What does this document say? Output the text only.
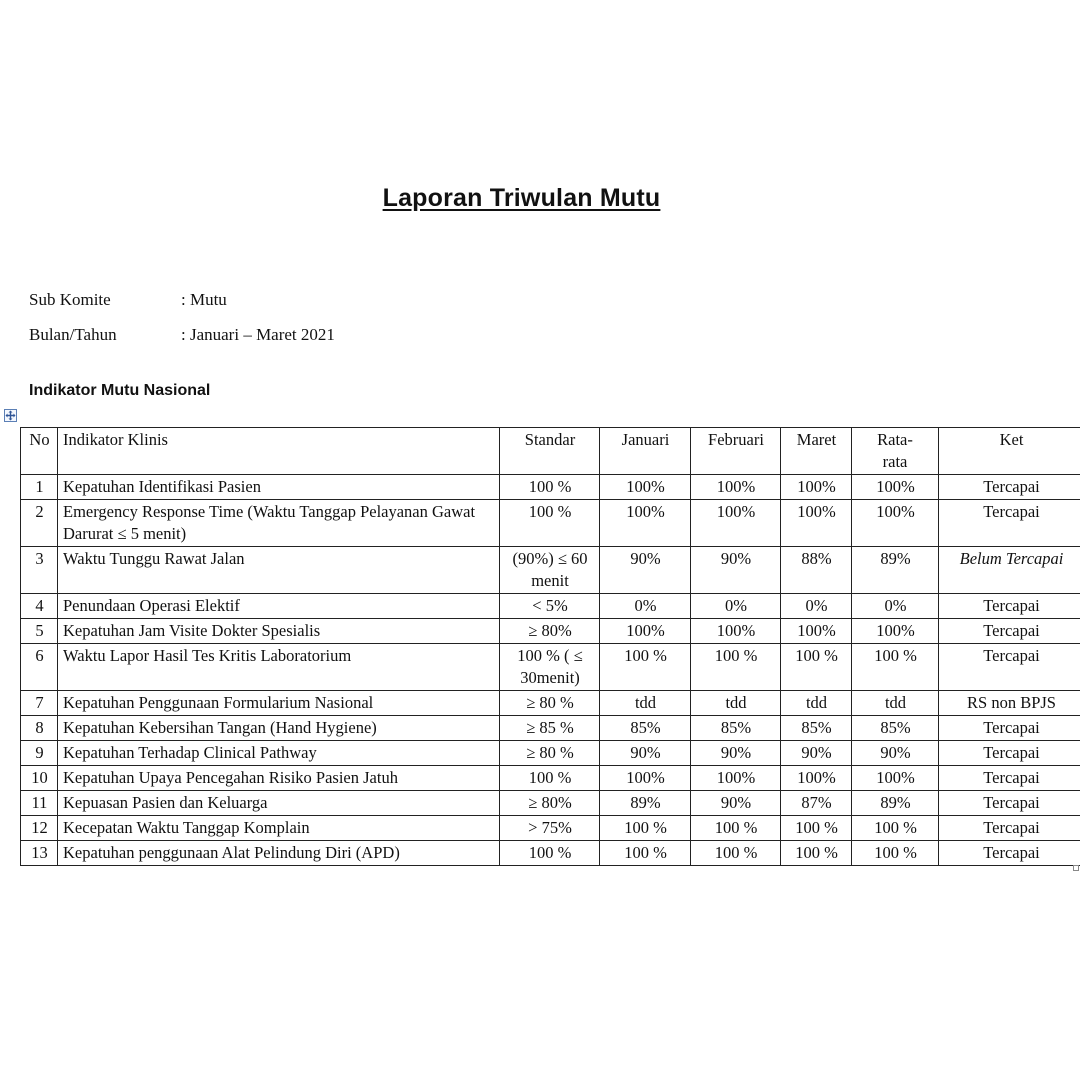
Laporan Triwulan Mutu
Sub Komite	: Mutu
Bulan/Tahun	: Januari – Maret 2021
Indikator Mutu Nasional
No	Indikator Klinis	Standar	Januari	Februari	Maret	Rata-rata	Ket
1	Kepatuhan Identifikasi Pasien	100 %	100%	100%	100%	100%	Tercapai
2	Emergency Response Time (Waktu Tanggap Pelayanan Gawat Darurat ≤ 5 menit)	100 %	100%	100%	100%	100%	Tercapai
3	Waktu Tunggu Rawat Jalan	(90%) ≤ 60 menit	90%	90%	88%	89%	Belum Tercapai
4	Penundaan Operasi Elektif	< 5%	0%	0%	0%	0%	Tercapai
5	Kepatuhan Jam Visite Dokter Spesialis	≥ 80%	100%	100%	100%	100%	Tercapai
6	Waktu Lapor Hasil Tes Kritis Laboratorium	100 % ( ≤ 30menit)	100 %	100 %	100 %	100 %	Tercapai
7	Kepatuhan Penggunaan Formularium Nasional	≥ 80 %	tdd	tdd	tdd	tdd	RS non BPJS
8	Kepatuhan Kebersihan Tangan (Hand Hygiene)	≥ 85 %	85%	85%	85%	85%	Tercapai
9	Kepatuhan Terhadap Clinical Pathway	≥ 80 %	90%	90%	90%	90%	Tercapai
10	Kepatuhan Upaya Pencegahan Risiko Pasien Jatuh	100 %	100%	100%	100%	100%	Tercapai
11	Kepuasan Pasien dan Keluarga	≥ 80%	89%	90%	87%	89%	Tercapai
12	Kecepatan Waktu Tanggap Komplain	> 75%	100 %	100 %	100 %	100 %	Tercapai
13	Kepatuhan penggunaan Alat Pelindung Diri (APD)	100 %	100 %	100 %	100 %	100 %	Tercapai
